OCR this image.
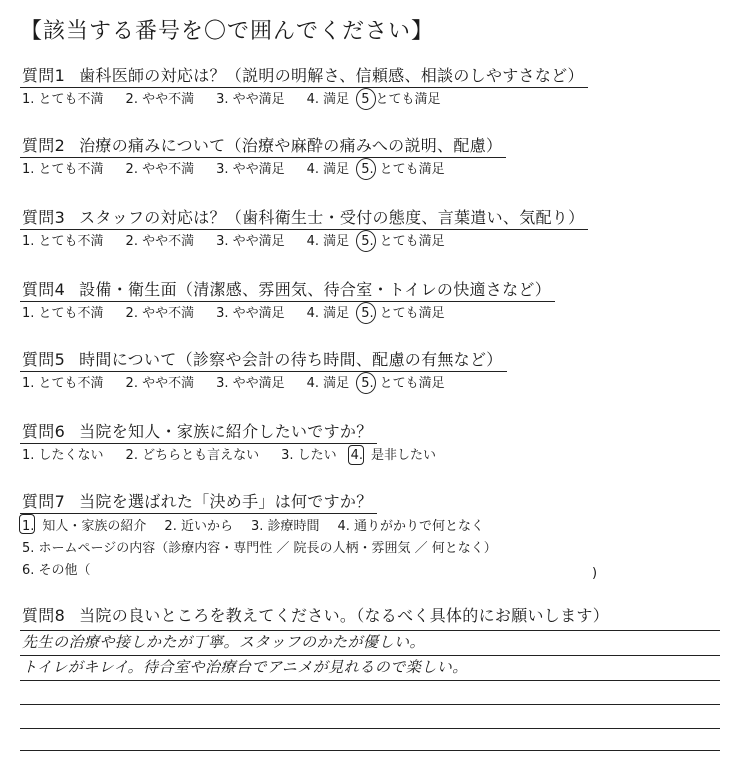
【該当する番号を〇で囲んでください】
質問1 歯科医師の対応は？（説明の明解さ、信頼感、相談のしやすさなど）
1. とても不満 2. やや不満 3. やや満足 4. 満足 5 とても満足
質問2 治療の痛みについて（治療や麻酔の痛みへの説明、配慮）
1. とても不満 2. やや不満 3. やや満足 4. 満足 5. とても満足
質問3 スタッフの対応は？（歯科衛生士・受付の態度、言葉遣い、気配り）
1. とても不満 2. やや不満 3. やや満足 4. 満足 5. とても満足
質問4 設備・衛生面（清潔感、雰囲気、待合室・トイレの快適さなど）
1. とても不満 2. やや不満 3. やや満足 4. 満足 5. とても満足
質問5 時間について（診察や会計の待ち時間、配慮の有無など）
1. とても不満 2. やや不満 3. やや満足 4. 満足 5. とても満足
質問6 当院を知人・家族に紹介したいですか？
1. したくない 2. どちらとも言えない 3. したい 4. 是非したい
質問7 当院を選ばれた「決め手」は何ですか？
1. 知人・家族の紹介 2. 近いから 3. 診療時間 4. 通りがかりで何となく
5. ホームページの内容（診療内容・専門性 ／ 院長の人柄・雰囲気 ／ 何となく）
6. その他（	)
質問8 当院の良いところを教えてください。（なるべく具体的にお願いします）
先生の治療や接しかたが丁寧。スタッフのかたが優しい。
トイレがキレイ。待合室や治療台でアニメが見れるので楽しい。
